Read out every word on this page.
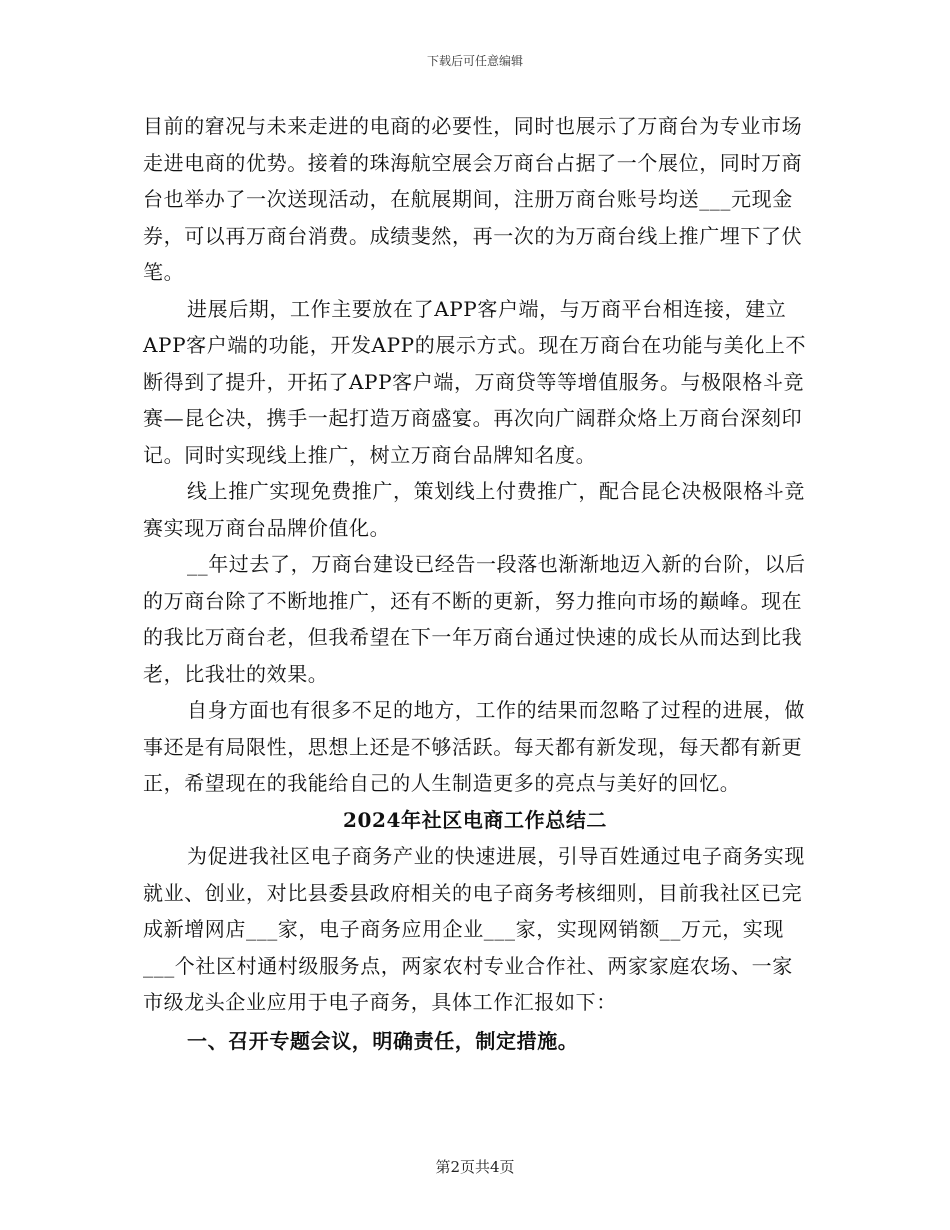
下载后可任意编辑

目前的窘况与未来走进的电商的必要性，同时也展示了万商台为专业市场走进电商的优势。接着的珠海航空展会万商台占据了一个展位，同时万商台也举办了一次送现活动，在航展期间，注册万商台账号均送___元现金券，可以再万商台消费。成绩斐然，再一次的为万商台线上推广埋下了伏笔。

进展后期，工作主要放在了APP客户端，与万商平台相连接，建立APP客户端的功能，开发APP的展示方式。现在万商台在功能与美化上不断得到了提升，开拓了APP客户端，万商贷等等增值服务。与极限格斗竞赛—昆仑决，携手一起打造万商盛宴。再次向广阔群众烙上万商台深刻印记。同时实现线上推广，树立万商台品牌知名度。

线上推广实现免费推广，策划线上付费推广，配合昆仑决极限格斗竞赛实现万商台品牌价值化。

__年过去了，万商台建设已经告一段落也渐渐地迈入新的台阶，以后的万商台除了不断地推广，还有不断的更新，努力推向市场的巅峰。现在的我比万商台老，但我希望在下一年万商台通过快速的成长从而达到比我老，比我壮的效果。

自身方面也有很多不足的地方，工作的结果而忽略了过程的进展，做事还是有局限性，思想上还是不够活跃。每天都有新发现，每天都有新更正，希望现在的我能给自己的人生制造更多的亮点与美好的回忆。

2024年社区电商工作总结二

为促进我社区电子商务产业的快速进展，引导百姓通过电子商务实现就业、创业，对比县委县政府相关的电子商务考核细则，目前我社区已完成新增网店___家，电子商务应用企业___家，实现网销额__万元，实现___个社区村通村级服务点，两家农村专业合作社、两家家庭农场、一家市级龙头企业应用于电子商务，具体工作汇报如下：

一、召开专题会议，明确责任，制定措施。

第2页共4页
